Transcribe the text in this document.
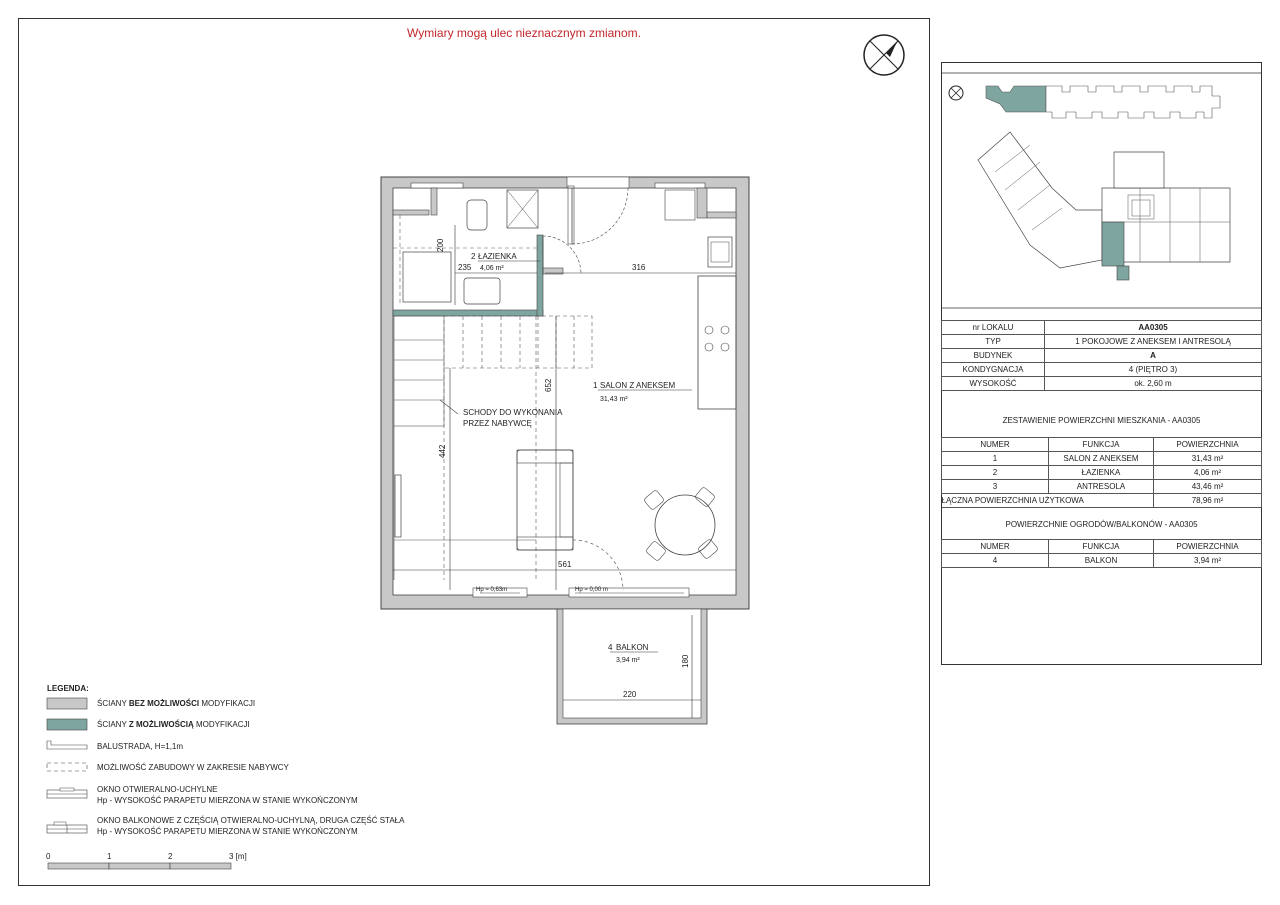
Wymiary mogą ulec nieznacznym zmianom.
1 SALON Z ANEKSEM
31,43 m²
2 ŁAZIENKA
4,06 m²
4 BALKON
3,94 m²
316
235
200
652
442
561
180
220
SCHODY DO WYKONANIA
PRZEZ NABYWCĘ
Hp = 0,63m	Hp = 0,00 m
0	1	2	3 [m]
nr LOKALU	AA0305
TYP	1 POKOJOWE Z ANEKSEM I ANTRESOLĄ
BUDYNEK	A
KONDYGNACJA	4 (PIĘTRO 3)
WYSOKOŚĆ	ok. 2,60 m
ZESTAWIENIE POWIERZCHNI MIESZKANIA - AA0305
NUMER	FUNKCJA	POWIERZCHNIA
1	SALON Z ANEKSEM	31,43 m²
2	ŁAZIENKA	4,06 m²
3	ANTRESOLA	43,46 m²
ŁĄCZNA POWIERZCHNIA UŻYTKOWA		78,96 m²
POWIERZCHNIE OGRODÓW/BALKONÓW - AA0305
NUMER	FUNKCJA	POWIERZCHNIA
4	BALKON	3,94 m²
LEGENDA:
ŚCIANY BEZ MOŻLIWOŚCI MODYFIKACJI
ŚCIANY Z MOŻLIWOŚCIĄ MODYFIKACJI
BALUSTRADA, H=1,1m
MOŻLIWOŚĆ ZABUDOWY W ZAKRESIE NABYWCY
OKNO OTWIERALNO-UCHYLNE
Hp - WYSOKOŚĆ PARAPETU MIERZONA W STANIE WYKOŃCZONYM
OKNO BALKONOWE Z CZĘŚCIĄ OTWIERALNO-UCHYLNĄ, DRUGA CZĘŚĆ STAŁA
Hp - WYSOKOŚĆ PARAPETU MIERZONA W STANIE WYKOŃCZONYM
